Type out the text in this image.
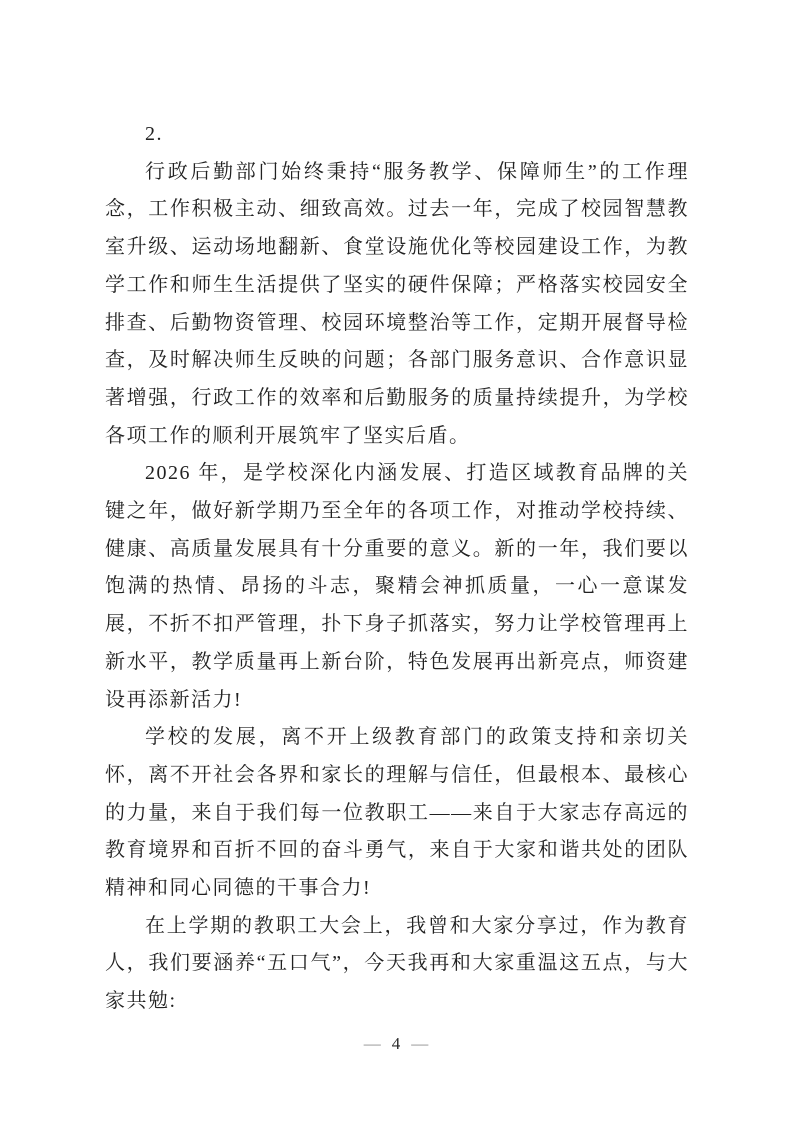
2.

行政后勤部门始终秉持“服务教学、保障师生”的工作理念，工作积极主动、细致高效。过去一年，完成了校园智慧教室升级、运动场地翻新、食堂设施优化等校园建设工作，为教学工作和师生生活提供了坚实的硬件保障；严格落实校园安全排查、后勤物资管理、校园环境整治等工作，定期开展督导检查，及时解决师生反映的问题；各部门服务意识、合作意识显著增强，行政工作的效率和后勤服务的质量持续提升，为学校各项工作的顺利开展筑牢了坚实后盾。

2026 年，是学校深化内涵发展、打造区域教育品牌的关键之年，做好新学期乃至全年的各项工作，对推动学校持续、健康、高质量发展具有十分重要的意义。新的一年，我们要以饱满的热情、昂扬的斗志，聚精会神抓质量，一心一意谋发展，不折不扣严管理，扑下身子抓落实，努力让学校管理再上新水平，教学质量再上新台阶，特色发展再出新亮点，师资建设再添新活力!

学校的发展，离不开上级教育部门的政策支持和亲切关怀，离不开社会各界和家长的理解与信任，但最根本、最核心的力量，来自于我们每一位教职工——来自于大家志存高远的教育境界和百折不回的奋斗勇气，来自于大家和谐共处的团队精神和同心同德的干事合力!

在上学期的教职工大会上，我曾和大家分享过，作为教育人，我们要涵养“五口气”，今天我再和大家重温这五点，与大家共勉:

— 4 —
